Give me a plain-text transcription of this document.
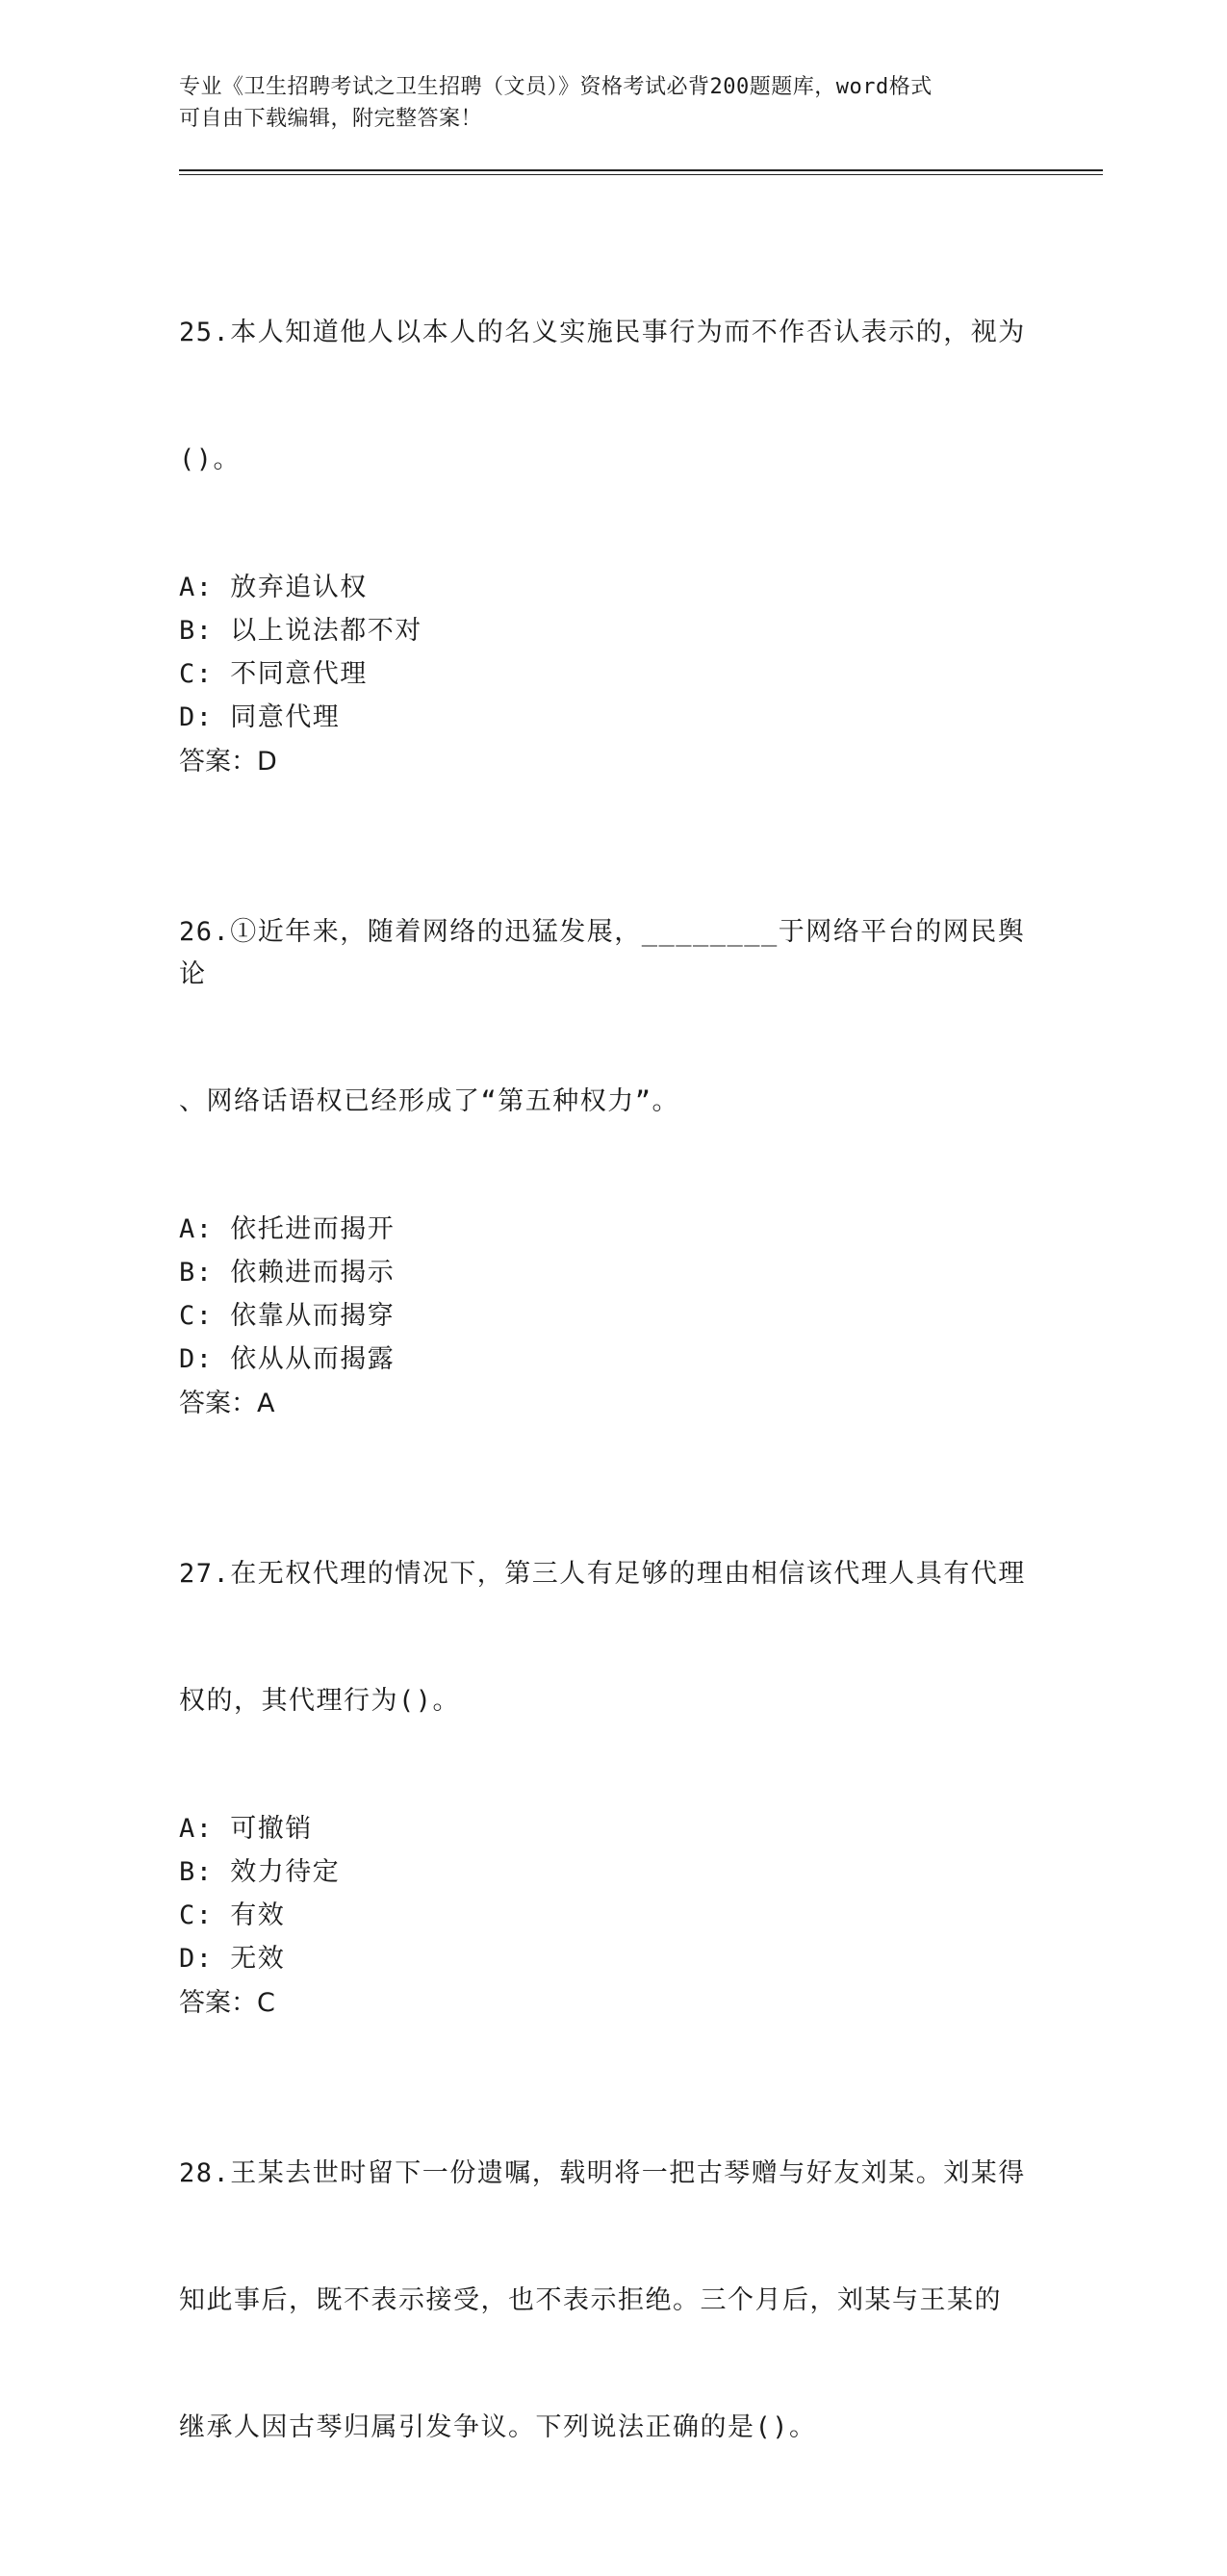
专业《卫生招聘考试之卫生招聘（文员）》资格考试必背200题题库，word格式
可自由下载编辑，附完整答案！

25.本人知道他人以本人的名义实施民事行为而不作否认表示的，视为

()。

A: 放弃追认权
B: 以上说法都不对
C: 不同意代理
D: 同意代理
答案：D

26.①近年来，随着网络的迅猛发展，________于网络平台的网民舆论

、网络话语权已经形成了“第五种权力”。

A: 依托进而揭开
B: 依赖进而揭示
C: 依靠从而揭穿
D: 依从从而揭露
答案：A

27.在无权代理的情况下，第三人有足够的理由相信该代理人具有代理

权的，其代理行为()。

A: 可撤销
B: 效力待定
C: 有效
D: 无效
答案：C

28.王某去世时留下一份遗嘱，载明将一把古琴赠与好友刘某。刘某得

知此事后，既不表示接受，也不表示拒绝。三个月后，刘某与王某的

继承人因古琴归属引发争议。下列说法正确的是()。
